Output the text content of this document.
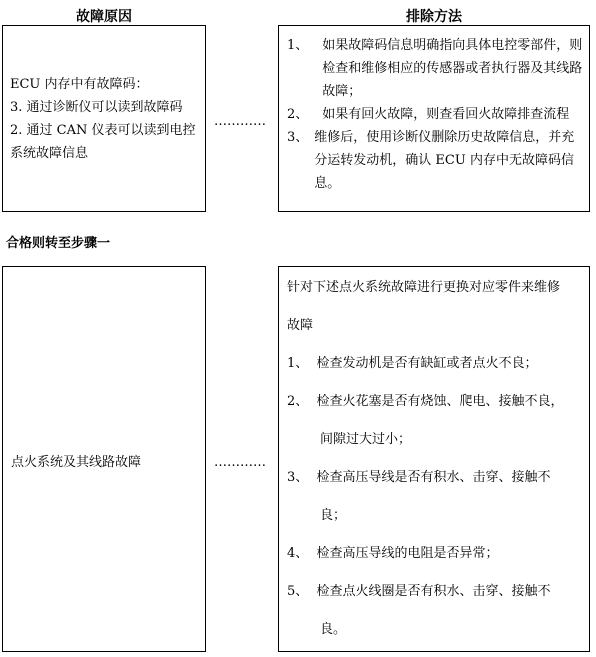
故障原因	排除方法
ECU 内存中有故障码：
3. 通过诊断仪可以读到故障码
2. 通过 CAN 仪表可以读到电控
系统故障信息
…………
1、	如果故障码信息明确指向具体电控零部件，则检查和维修相应的传感器或者执行器及其线路故障；
2、	如果有回火故障，则查看回火故障排查流程
3、 维修后，使用诊断仪删除历史故障信息，并充分运转发动机，确认 ECU 内存中无故障码信息。
合格则转至步骤一
点火系统及其线路故障	…………
针对下述点火系统故障进行更换对应零件来维修
故障
1、 检查发动机是否有缺缸或者点火不良；
2、 检查火花塞是否有烧蚀、爬电、接触不良，
间隙过大过小；
3、 检查高压导线是否有积水、击穿、接触不
良；
4、 检查高压导线的电阻是否异常；
5、 检查点火线圈是否有积水、击穿、接触不
良。
